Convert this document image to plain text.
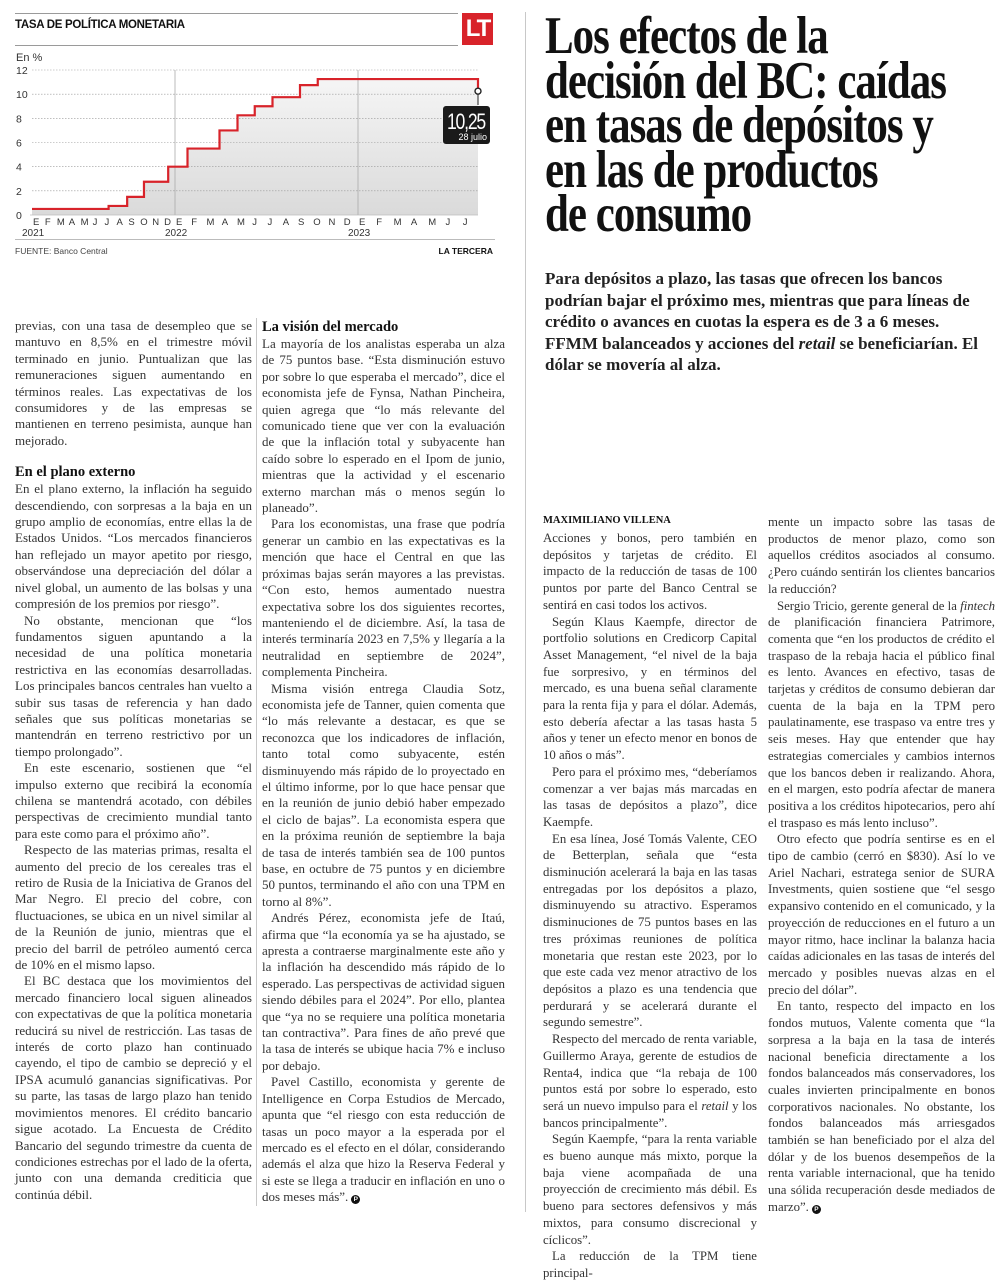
TASA DE POLÍTICA MONETARIA	LT
En %
0
2
4
6
8
10
12
10,25
28 julio
E F M A M J J A S O N D E F M A M J J A S O N D E F M A M J J
2021	2022	2023
FUENTE: Banco Central	LA TERCERA
Los efectos de la
decisión del BC: caídas
en tasas de depósitos y
en las de productos
de consumo
Para depósitos a plazo, las tasas que ofrecen los bancos podrían bajar el próximo mes, mientras que para líneas de crédito o avances en cuotas la espera es de 3 a 6 meses. FFMM balanceados y acciones del retail se beneficiarían. El dólar se movería al alza.

previas, con una tasa de desempleo que se mantuvo en 8,5% en el trimestre móvil terminado en junio. Puntualizan que las remuneraciones siguen aumentando en términos reales. Las expectativas de los consumidores y de las empresas se mantienen en terreno pesimista, aunque han mejorado.

En el plano externo

En el plano externo, la inflación ha seguido descendiendo, con sorpresas a la baja en un grupo amplio de economías, entre ellas la de Estados Unidos. “Los mercados financieros han reflejado un mayor apetito por riesgo, observándose una depreciación del dólar a nivel global, un aumento de las bolsas y una compresión de los premios por riesgo”.

No obstante, mencionan que “los fundamentos siguen apuntando a la necesidad de una política monetaria restrictiva en las economías desarrolladas. Los principales bancos centrales han vuelto a subir sus tasas de referencia y han dado señales que sus políticas monetarias se mantendrán en terreno restrictivo por un tiempo prolongado”.

En este escenario, sostienen que “el impulso externo que recibirá la economía chilena se mantendrá acotado, con débiles perspectivas de crecimiento mundial tanto para este como para el próximo año”.

Respecto de las materias primas, resalta el aumento del precio de los cereales tras el retiro de Rusia de la Iniciativa de Granos del Mar Negro. El precio del cobre, con fluctuaciones, se ubica en un nivel similar al de la Reunión de junio, mientras que el precio del barril de petróleo aumentó cerca de 10% en el mismo lapso.

El BC destaca que los movimientos del mercado financiero local siguen alineados con expectativas de que la política monetaria reducirá su nivel de restricción. Las tasas de interés de corto plazo han continuado cayendo, el tipo de cambio se depreció y el IPSA acumuló ganancias significativas. Por su parte, las tasas de largo plazo han tenido movimientos menores. El crédito bancario sigue acotado. La Encuesta de Crédito Bancario del segundo trimestre da cuenta de condiciones estrechas por el lado de la oferta, junto con una demanda crediticia que continúa débil.

La visión del mercado

La mayoría de los analistas esperaba un alza de 75 puntos base. “Esta disminución estuvo por sobre lo que esperaba el mercado”, dice el economista jefe de Fynsa, Nathan Pincheira, quien agrega que “lo más relevante del comunicado tiene que ver con la evaluación de que la inflación total y subyacente han caído sobre lo esperado en el Ipom de junio, mientras que la actividad y el escenario externo marchan más o menos según lo planeado”.

Para los economistas, una frase que podría generar un cambio en las expectativas es la mención que hace el Central en que las próximas bajas serán mayores a las previstas. “Con esto, hemos aumentado nuestra expectativa sobre los dos siguientes recortes, manteniendo el de diciembre. Así, la tasa de interés terminaría 2023 en 7,5% y llegaría a la neutralidad en septiembre de 2024”, complementa Pincheira.

Misma visión entrega Claudia Sotz, economista jefe de Tanner, quien comenta que “lo más relevante a destacar, es que se reconozca que los indicadores de inflación, tanto total como subyacente, estén disminuyendo más rápido de lo proyectado en el último informe, por lo que hace pensar que en la reunión de junio debió haber empezado el ciclo de bajas”. La economista espera que en la próxima reunión de septiembre la baja de tasa de interés también sea de 100 puntos base, en octubre de 75 puntos y en diciembre 50 puntos, terminando el año con una TPM en torno al 8%”.

Andrés Pérez, economista jefe de Itaú, afirma que “la economía ya se ha ajustado, se apresta a contraerse marginalmente este año y la inflación ha descendido más rápido de lo esperado. Las perspectivas de actividad siguen siendo débiles para el 2024”. Por ello, plantea que “ya no se requiere una política monetaria tan contractiva”. Para fines de año prevé que la tasa de interés se ubique hacia 7% e incluso por debajo.

Pavel Castillo, economista y gerente de Intelligence en Corpa Estudios de Mercado, apunta que “el riesgo con esta reducción de tasas un poco mayor a la esperada por el mercado es el efecto en el dólar, considerando además el alza que hizo la Reserva Federal y si este se llega a traducir en inflación en uno o dos meses más”. P

MAXIMILIANO VILLENA

Acciones y bonos, pero también en depósitos y tarjetas de crédito. El impacto de la reducción de tasas de 100 puntos por parte del Banco Central se sentirá en casi todos los activos.

Según Klaus Kaempfe, director de portfolio solutions en Credicorp Capital Asset Management, “el nivel de la baja fue sorpresivo, y en términos del mercado, es una buena señal claramente para la renta fija y para el dólar. Además, esto debería afectar a las tasas hasta 5 años y tener un efecto menor en bonos de 10 años o más”.

Pero para el próximo mes, “deberíamos comenzar a ver bajas más marcadas en las tasas de depósitos a plazo”, dice Kaempfe.

En esa línea, José Tomás Valente, CEO de Betterplan, señala que “esta disminución acelerará la baja en las tasas entregadas por los depósitos a plazo, disminuyendo su atractivo. Esperamos disminuciones de 75 puntos bases en las tres próximas reuniones de política monetaria que restan este 2023, por lo que este cada vez menor atractivo de los depósitos a plazo es una tendencia que perdurará y se acelerará durante el segundo semestre”.

Respecto del mercado de renta variable, Guillermo Araya, gerente de estudios de Renta4, indica que “la rebaja de 100 puntos está por sobre lo esperado, esto será un nuevo impulso para el retail y los bancos principalmente”.

Según Kaempfe, “para la renta variable es bueno aunque más mixto, porque la baja viene acompañada de una proyección de crecimiento más débil. Es bueno para sectores defensivos y más mixtos, para consumo discrecional y cíclicos”.

La reducción de la TPM tiene principal-

mente un impacto sobre las tasas de productos de menor plazo, como son aquellos créditos asociados al consumo. ¿Pero cuándo sentirán los clientes bancarios la reducción?

Sergio Tricio, gerente general de la fintech de planificación financiera Patrimore, comenta que “en los productos de crédito el traspaso de la rebaja hacia el público final es lento. Avances en efectivo, tasas de tarjetas y créditos de consumo debieran dar cuenta de la baja en la TPM pero paulatinamente, ese traspaso va entre tres y seis meses. Hay que entender que hay estrategias comerciales y cambios internos que los bancos deben ir realizando. Ahora, en el margen, esto podría afectar de manera positiva a los créditos hipotecarios, pero ahí el traspaso es más lento incluso”.

Otro efecto que podría sentirse es en el tipo de cambio (cerró en $830). Así lo ve Ariel Nachari, estratega senior de SURA Investments, quien sostiene que “el sesgo expansivo contenido en el comunicado, y la proyección de reducciones en el futuro a un mayor ritmo, hace inclinar la balanza hacia caídas adicionales en las tasas de interés del mercado y posibles nuevas alzas en el precio del dólar”.

En tanto, respecto del impacto en los fondos mutuos, Valente comenta que “la sorpresa a la baja en la tasa de interés nacional beneficia directamente a los fondos balanceados más conservadores, los cuales invierten principalmente en bonos corporativos nacionales. No obstante, los fondos balanceados más arriesgados también se han beneficiado por el alza del dólar y de los buenos desempeños de la renta variable internacional, que ha tenido una sólida recuperación desde mediados de marzo”. P
